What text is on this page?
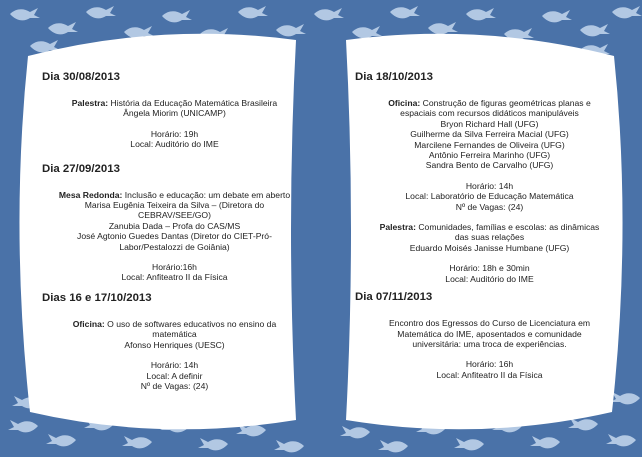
Dia 30/08/2013

Palestra: História da Educação Matemática Brasileira

Ângela Miorim (UNICAMP)
Horário: 19h
Local: Auditório do IME
Dia 27/09/2013

Mesa Redonda: Inclusão e educação: um debate em aberto

Marisa Eugênia Teixeira da Silva – (Diretora do
CEBRAV/SEE/GO)
Zanubia Dada – Profa do CAS/MS
José Agtonio Guedes Dantas (Diretor do CIET-Pró-
Labor/Pestalozzi de Goiânia)
Horário:16h
Local: Anfiteatro II da Física
Dias 16 e 17/10/2013

Oficina: O uso de softwares educativos no ensino da

matemática
Afonso Henriques (UESC)
Horário: 14h
Local: A definir
Nº de Vagas: (24)
Dia 18/10/2013

Oficina: Construção de figuras geométricas planas e

espaciais com recursos didáticos manipuláveis
Bryon Richard Hall (UFG)
Guilherme da Silva Ferreira Macial (UFG)
Marcilene Fernandes de Oliveira (UFG)
Antônio Ferreira Marinho (UFG)
Sandra Bento de Carvalho (UFG)
Horário: 14h
Local: Laboratório de Educação Matemática
Nº de Vagas: (24)

Palestra: Comunidades, famílias e escolas: as dinâmicas

das suas relações
Eduardo Moisés Janisse Humbane (UFG)
Horário: 18h e 30min
Local: Auditório do IME
Dia 07/11/2013
Encontro dos Egressos do Curso de Licenciatura em
Matemática do IME, aposentados e comunidade
universitária: uma troca de experiências.
Horário: 16h
Local: Anfiteatro II da Física
